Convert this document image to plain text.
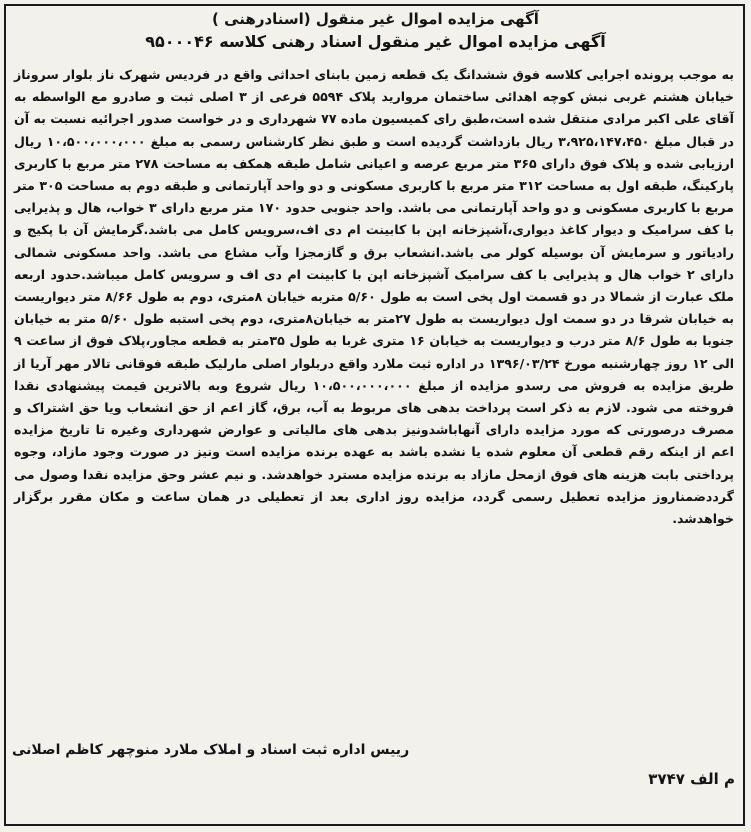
آگهی مزایده اموال غیر منقول (اسنادرهنی )
آگهی مزایده اموال غیر منقول اسناد رهنی کلاسه ۹۵۰۰۰۴۶

به موجب پرونده اجرایی کلاسه فوق ششدانگ یک قطعه زمین بابنای احداثی واقع در فردیس شهرک ناز بلوار سروناز خیابان هشتم غربی نبش کوچه اهدائی ساختمان مروارید پلاک ۵۵۹۴ فرعی از ۳ اصلی ثبت و صادرو مع الواسطه به آقای علی اکبر مرادی منتقل شده است،طبق رای کمیسیون ماده ۷۷ شهرداری و در خواست صدور اجرائیه نسبت به آن در قبال مبلغ ۳،۹۲۵،۱۴۷،۴۵۰ ریال بازداشت گردیده است و طبق نظر کارشناس رسمی به مبلغ ۱۰،۵۰۰،۰۰۰،۰۰۰ ریال ارزیابی شده و پلاک فوق دارای ۳۶۵ متر مربع عرصه و اعیانی شامل طبقه همکف به مساحت ۲۷۸ متر مربع با کاربری پارکینگ، طبقه اول به مساحت ۳۱۲ متر مربع با کاربری مسکونی و دو واحد آپارتمانی و طبقه دوم به مساحت ۳۰۵ متر مربع با کاربری مسکونی و دو واحد آپارتمانی می باشد. واحد جنوبی حدود ۱۷۰ متر مربع دارای ۳ خواب، هال و پذیرایی با کف سرامیک و دیوار کاغذ دیواری،آشپزخانه اپن با کابینت ام دی اف،سرویس کامل می باشد.گرمایش آن با پکیج و رادیاتور و سرمایش آن بوسیله کولر می باشد.انشعاب برق و گازمجزا وآب مشاع می باشد. واحد مسکونی شمالی دارای ۲ خواب هال و پذیرایی با کف سرامیک آشپزخانه اپن با کابینت ام دی اف و سرویس کامل میباشد.حدود اربعه ملک عبارت از شمالا در دو قسمت اول پخی است به طول ۵/۶۰ متربه خیابان ۸متری، دوم به طول ۸/۶۶ متر دیواریست به خیابان شرقا در دو سمت اول دیواریست به طول ۲۷متر به خیابان۸متری، دوم پخی استبه طول ۵/۶۰ متر به خیابان جنوبا به طول ۸/۶ متر درب و دیواریست به خیابان ۱۶ متری غربا به طول ۳۵متر به قطعه مجاور،پلاک فوق از ساعت ۹ الی ۱۲ روز چهارشنبه مورخ ۱۳۹۶/۰۳/۲۴ در اداره ثبت ملارد واقع دربلوار اصلی مارلیک طبقه فوقانی تالار مهر آریا از طریق مزایده به فروش می رسدو مزایده از مبلغ ۱۰،۵۰۰،۰۰۰،۰۰۰ ریال شروع وبه بالاترین قیمت پیشنهادی نقدا فروخته می شود. لازم به ذکر است پرداخت بدهی های مربوط به آب، برق، گاز اعم از حق انشعاب ویا حق اشتراک و مصرف درصورتی که مورد مزایده دارای آنهاباشدونیز بدهی های مالیاتی و عوارض شهرداری وغیره تا تاریخ مزایده اعم از اینکه رقم قطعی آن معلوم شده یا نشده باشد به عهده برنده مزایده است ونیز در صورت وجود مازاد، وجوه پرداختی بابت هزینه های فوق ازمحل مازاد به برنده مزایده مسترد خواهدشد. و نیم عشر وحق مزایده نقدا وصول می گرددضمناروز مزایده تعطیل رسمی گردد، مزایده روز اداری بعد از تعطیلی در همان ساعت و مکان مقرر برگزار خواهدشد.

رییس اداره ثبت اسناد و املاک ملارد منوچهر کاظم اصلانی
م الف ۳۷۴۷
